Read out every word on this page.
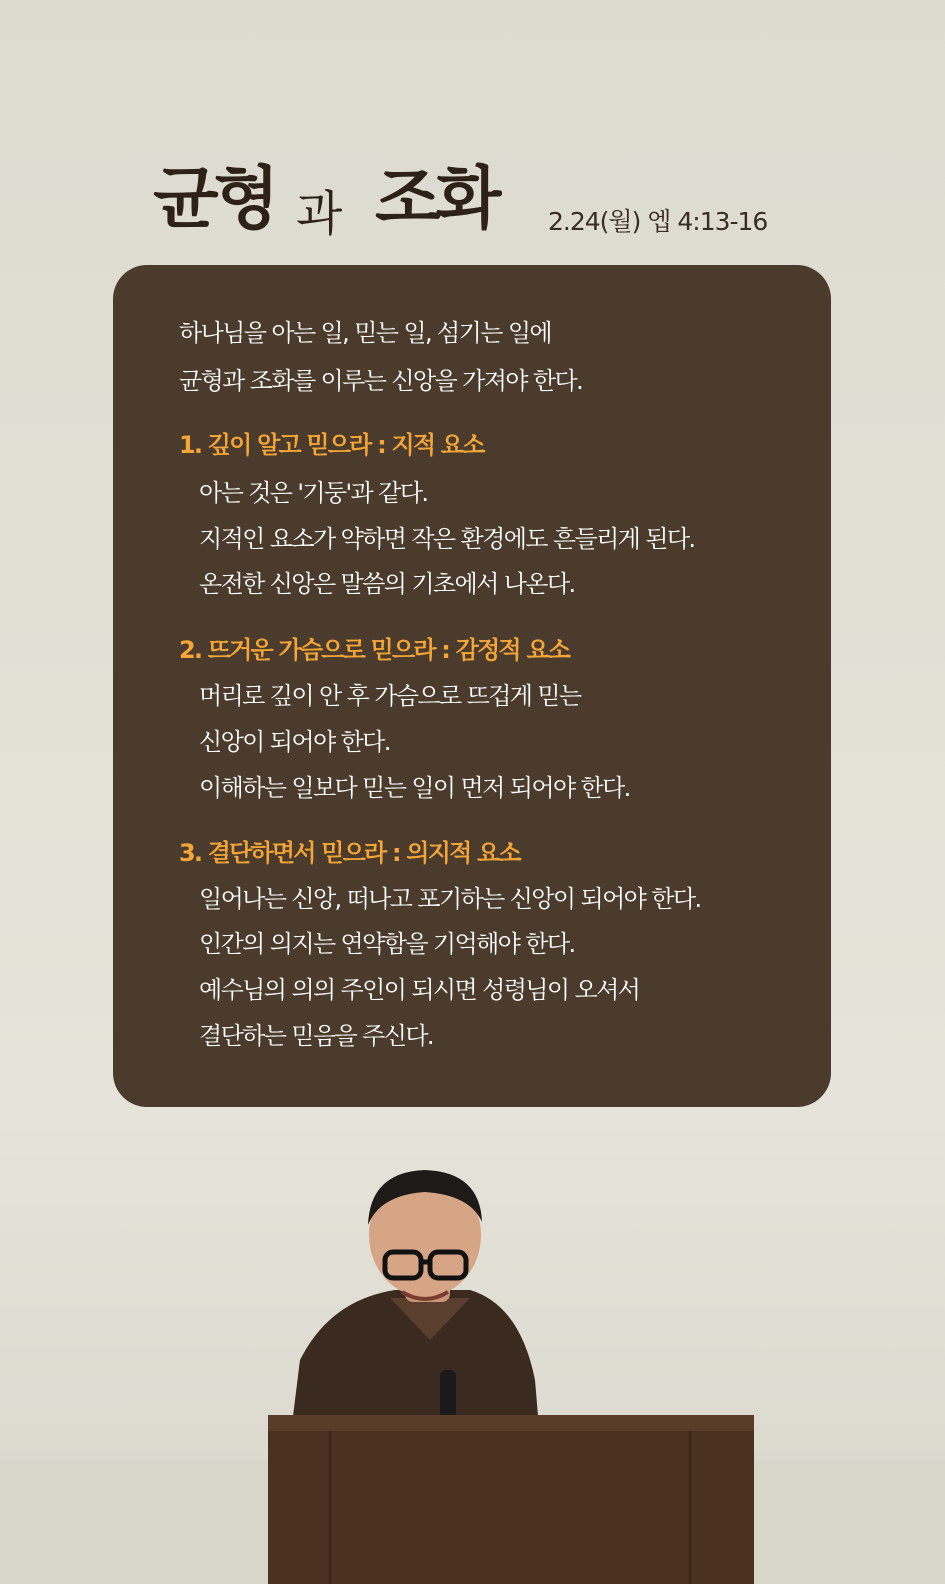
균형 과 조화 2.24(월) 엡 4:13-16
하나님을 아는 일, 믿는 일, 섬기는 일에
균형과 조화를 이루는 신앙을 가져야 한다.
1. 깊이 알고 믿으라 : 지적 요소
아는 것은 '기둥'과 같다.
지적인 요소가 약하면 작은 환경에도 흔들리게 된다.
온전한 신앙은 말씀의 기초에서 나온다.
2. 뜨거운 가슴으로 믿으라 : 감정적 요소
머리로 깊이 안 후 가슴으로 뜨겁게 믿는
신앙이 되어야 한다.
이해하는 일보다 믿는 일이 먼저 되어야 한다.
3. 결단하면서 믿으라 : 의지적 요소
일어나는 신앙, 떠나고 포기하는 신앙이 되어야 한다.
인간의 의지는 연약함을 기억해야 한다.
예수님의 의의 주인이 되시면 성령님이 오셔서
결단하는 믿음을 주신다.
